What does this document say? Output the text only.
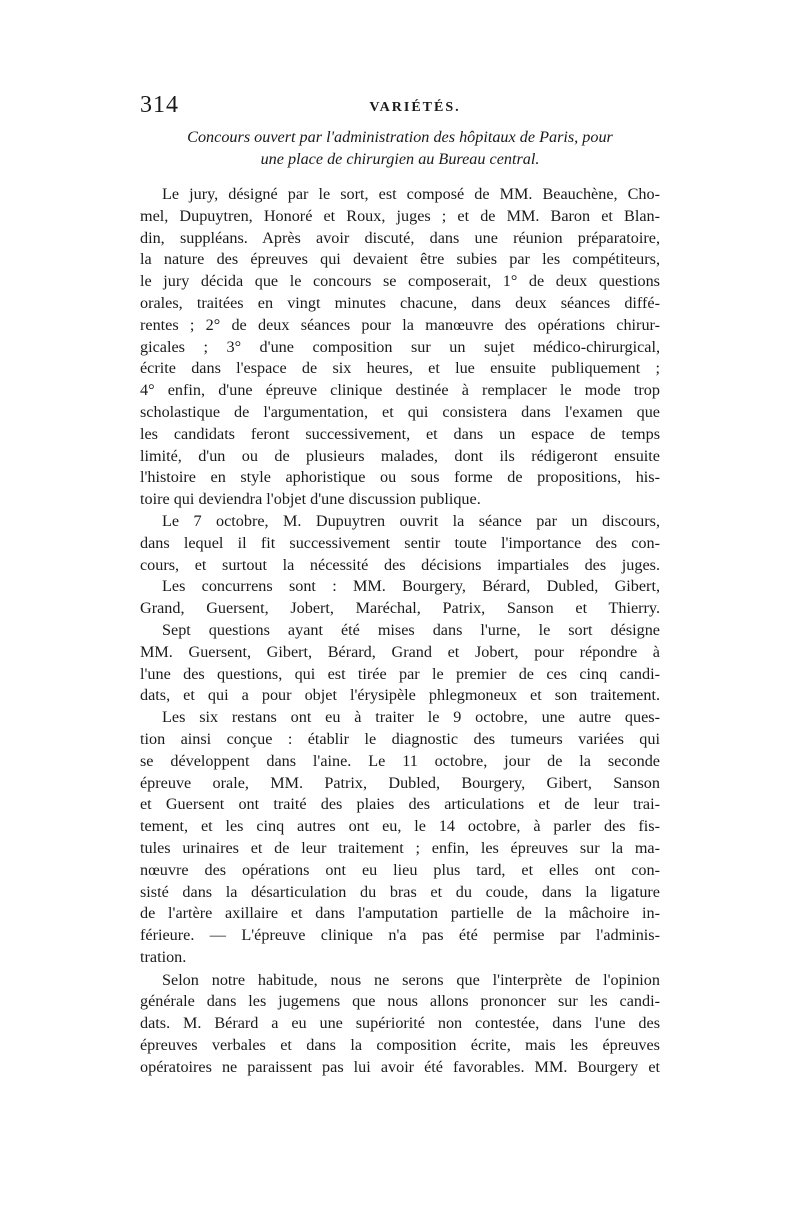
314	VARIÉTÉS.
Concours ouvert par l'administration des hôpitaux de Paris, pour
une place de chirurgien au Bureau central.

Le jury, désigné par le sort, est composé de MM. Beauchène, Cho-

mel, Dupuytren, Honoré et Roux, juges ; et de MM. Baron et Blan-

din, suppléans. Après avoir discuté, dans une réunion préparatoire,

la nature des épreuves qui devaient être subies par les compétiteurs,

le jury décida que le concours se composerait, 1° de deux questions

orales, traitées en vingt minutes chacune, dans deux séances diffé-

rentes ; 2° de deux séances pour la manœuvre des opérations chirur-

gicales ; 3° d'une composition sur un sujet médico-chirurgical,

écrite dans l'espace de six heures, et lue ensuite publiquement ;

4° enfin, d'une épreuve clinique destinée à remplacer le mode trop

scholastique de l'argumentation, et qui consistera dans l'examen que

les candidats feront successivement, et dans un espace de temps

limité, d'un ou de plusieurs malades, dont ils rédigeront ensuite

l'histoire en style aphoristique ou sous forme de propositions, his-

toire qui deviendra l'objet d'une discussion publique.

Le 7 octobre, M. Dupuytren ouvrit la séance par un discours,

dans lequel il fit successivement sentir toute l'importance des con-

cours, et surtout la nécessité des décisions impartiales des juges.

Les concurrens sont : MM. Bourgery, Bérard, Dubled, Gibert,

Grand, Guersent, Jobert, Maréchal, Patrix, Sanson et Thierry.

Sept questions ayant été mises dans l'urne, le sort désigne

MM. Guersent, Gibert, Bérard, Grand et Jobert, pour répondre à

l'une des questions, qui est tirée par le premier de ces cinq candi-

dats, et qui a pour objet l'érysipèle phlegmoneux et son traitement.

Les six restans ont eu à traiter le 9 octobre, une autre ques-

tion ainsi conçue : établir le diagnostic des tumeurs variées qui

se développent dans l'aine. Le 11 octobre, jour de la seconde

épreuve orale, MM. Patrix, Dubled, Bourgery, Gibert, Sanson

et Guersent ont traité des plaies des articulations et de leur trai-

tement, et les cinq autres ont eu, le 14 octobre, à parler des fis-

tules urinaires et de leur traitement ; enfin, les épreuves sur la ma-

nœuvre des opérations ont eu lieu plus tard, et elles ont con-

sisté dans la désarticulation du bras et du coude, dans la ligature

de l'artère axillaire et dans l'amputation partielle de la mâchoire in-

férieure. — L'épreuve clinique n'a pas été permise par l'adminis-

tration.

Selon notre habitude, nous ne serons que l'interprète de l'opinion

générale dans les jugemens que nous allons prononcer sur les candi-

dats. M. Bérard a eu une supériorité non contestée, dans l'une des

épreuves verbales et dans la composition écrite, mais les épreuves

opératoires ne paraissent pas lui avoir été favorables. MM. Bourgery et
